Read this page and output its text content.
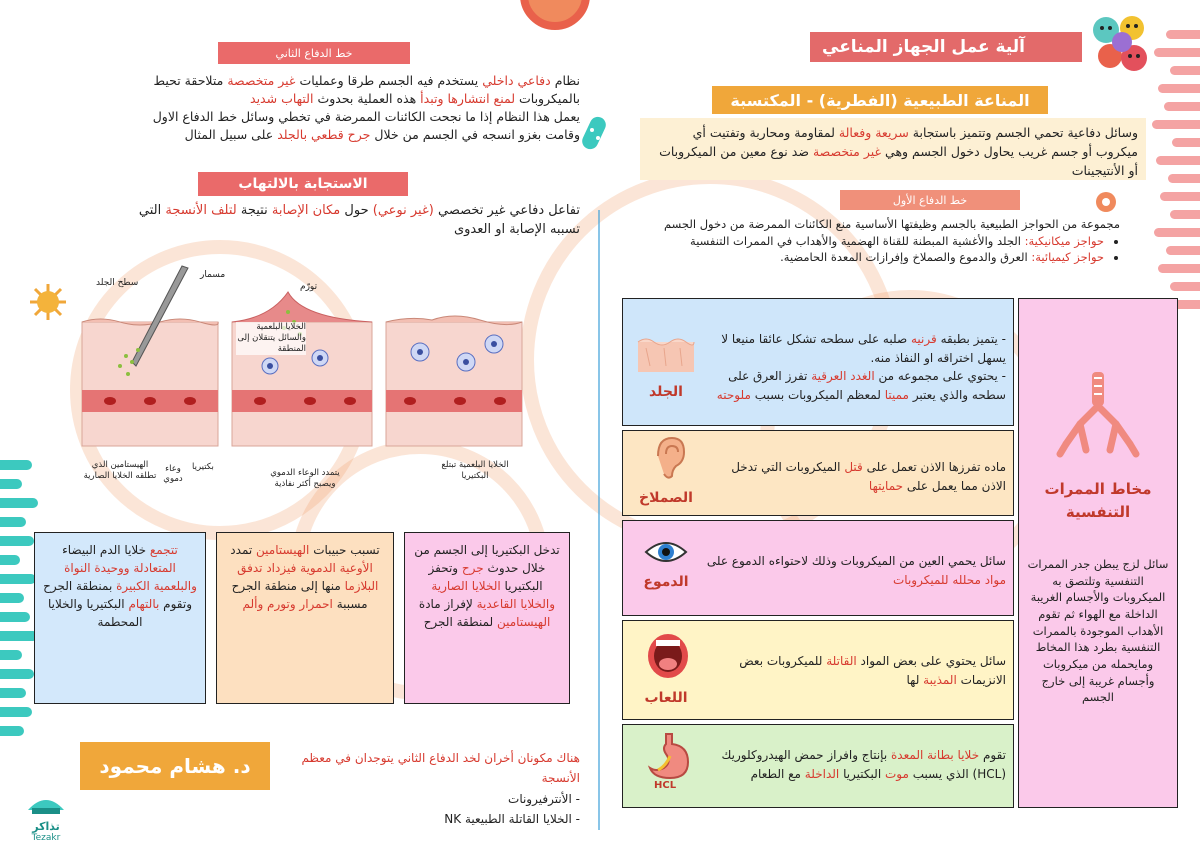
آلية عمل الجهاز المناعي
المناعة الطبيعية (الفطرية) - المكتسبة
وسائل دفاعية تحمي الجسم وتتميز باستجابة سريعة وفعالة لمقاومة ومحاربة وتفتيت أي ميكروب أو جسم غريب يحاول دخول الجسم وهي غير متخصصة ضد نوع معين من الميكروبات أو الأنتيجينات
خط الدفاع الأول
مجموعة من الحواجز الطبيعية بالجسم وظيفتها الأساسية منع الكائنات الممرضة من دخول الجسم
• حواجز ميكانيكية: الجلد والأغشية المبطنة للقناة الهضمية والأهداب في الممرات التنفسية
• حواجز كيميائية: العرق والدموع والصملاخ وإفرازات المعدة الحامضية.
- يتميز بطبقه قرنيه صلبه على سطحه تشكل عائقا منيعا لا يسهل اختراقه او النفاذ منه.
- يحتوي على مجموعه من الغدد العرقية تفرز العرق على سطحه والذي يعتبر مميتا لمعظم الميكروبات بسبب ملوحته
الجلد
ماده تفرزها الاذن تعمل على قتل الميكروبات التي تدخل الاذن مما يعمل على حمايتها
الصملاخ
سائل يحمي العين من الميكروبات وذلك لاحتواءه الدموع على مواد محلله للميكروبات
الدموع
سائل يحتوي على بعض المواد القاتلة للميكروبات بعض الانزيمات المذيبة لها
اللعاب
تقوم خلايا بطانة المعدة بإنتاج وافراز حمض الهيدروكلوريك (HCL) الذي يسبب موت البكتيريا الداخلة مع الطعام
HCL
مخاط الممرات التنفسية
سائل لزج يبطن جدر الممرات التنفسية وتلتصق به الميكروبات والأجسام الغريبة الداخلة مع الهواء ثم تقوم الأهداب الموجودة بالممرات التنفسية بطرد هذا المخاط ومايحمله من ميكروبات وأجسام غريبة إلى خارج الجسم
خط الدفاع الثاني
نظام دفاعي داخلي يستخدم فيه الجسم طرقا وعمليات غير متخصصة متلاحقة تحيط بالميكروبات لمنع انتشارها وتبدأ هذه العملية بحدوث التهاب شديد
يعمل هذا النظام إذا ما نجحت الكائنات الممرضة في تخطي وسائل خط الدفاع الاول وقامت بغزو انسجه في الجسم من خلال جرح قطعي بالجلد على سبيل المثال
الاستجابة بالالتهاب
تفاعل دفاعي غير تخصصي (غير نوعي) حول مكان الإصابة نتيجة لتلف الأنسجة التي تسببه الإصابة او العدوى
سطح الجلد
مسمار
تورّم
الهيستامين الذي تطلقه الخلايا الصارية
وعاء دموي
بكتيريا
الخلايا البلعمية والسائل يتنقلان إلى المنطقة
يتمدد الوعاء الدموي ويصبح أكثر نفاذية
الخلايا البلعمية تبتلع البكتيريا
تدخل البكتيريا إلى الجسم من خلال حدوث جرح وتحفز البكتيريا الخلايا الصارية والخلايا القاعدية لإفراز مادة الهيستامين لمنطقة الجرح
تسبب حبيبات الهيستامين تمدد الأوعية الدموية فيزداد تدفق البلازما منها إلى منطقة الجرح مسببة احمرار وتورم وألم
تتجمع خلايا الدم البيضاء المتعادلة ووحيدة النواة والبلعمية الكبيرة بمنطقة الجرح وتقوم بالتهام البكتيريا والخلايا المحطمة
هناك مكونان أخران لخد الدفاع الثاني يتوجدان في معظم الأنسجة
- الأنترفيرونات
- الخلايا القاتلة الطبيعية NK
د. هشام محمود
تذاكر
Tezakr
